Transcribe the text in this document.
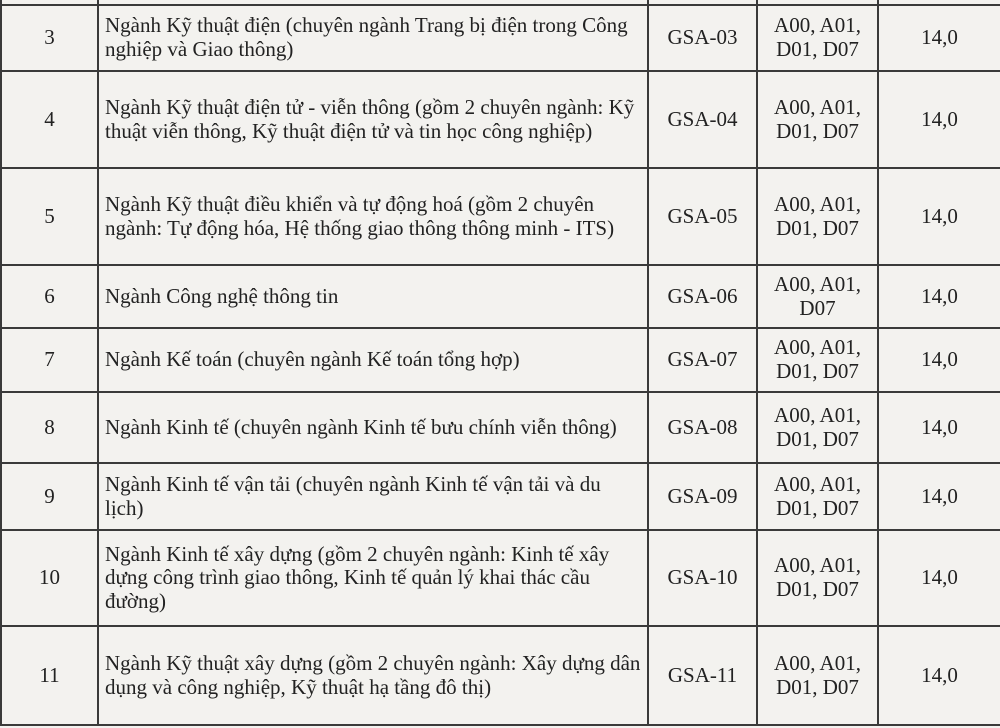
3	Ngành Kỹ thuật điện (chuyên ngành Trang bị điện trong Công nghiệp và Giao thông)	GSA-03	A00, A01, D01, D07	14,0
4	Ngành Kỹ thuật điện tử - viễn thông (gồm 2 chuyên ngành: Kỹ thuật viễn thông, Kỹ thuật điện tử và tin học công nghiệp)	GSA-04	A00, A01, D01, D07	14,0
5	Ngành Kỹ thuật điều khiển và tự động hoá (gồm 2 chuyên ngành: Tự động hóa, Hệ thống giao thông thông minh - ITS)	GSA-05	A00, A01, D01, D07	14,0
6	Ngành Công nghệ thông tin	GSA-06	A00, A01, D07	14,0
7	Ngành Kế toán (chuyên ngành Kế toán tổng hợp)	GSA-07	A00, A01, D01, D07	14,0
8	Ngành Kinh tế (chuyên ngành Kinh tế bưu chính viễn thông)	GSA-08	A00, A01, D01, D07	14,0
9	Ngành Kinh tế vận tải (chuyên ngành Kinh tế vận tải và du lịch)	GSA-09	A00, A01, D01, D07	14,0
10	Ngành Kinh tế xây dựng (gồm 2 chuyên ngành: Kinh tế xây dựng công trình giao thông, Kinh tế quản lý khai thác cầu đường)	GSA-10	A00, A01, D01, D07	14,0
11	Ngành Kỹ thuật xây dựng (gồm 2 chuyên ngành: Xây dựng dân dụng và công nghiệp, Kỹ thuật hạ tầng đô thị)	GSA-11	A00, A01, D01, D07	14,0
